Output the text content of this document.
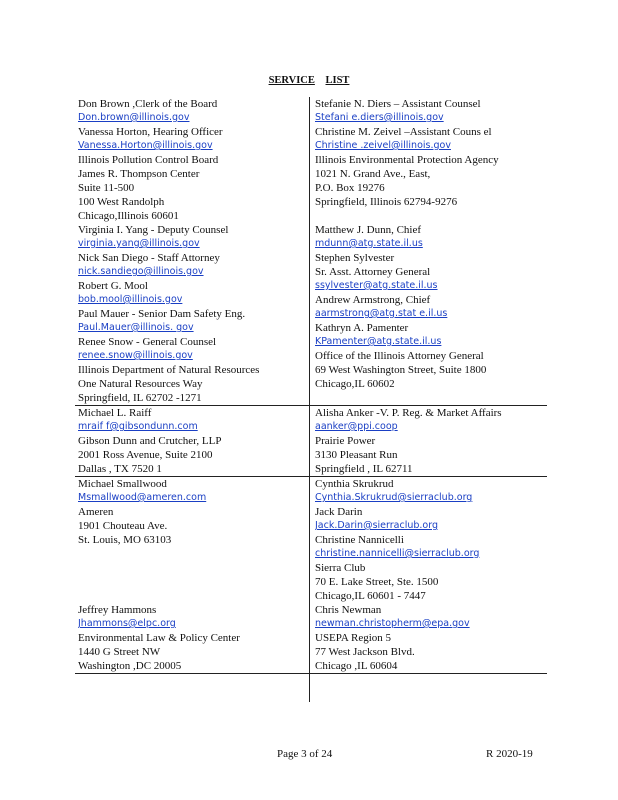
SERVICE LIST
Don Brown ,Clerk of the Board
Don.brown@illinois.gov
Vanessa Horton, Hearing Officer
Vanessa.Horton@illinois.gov
Illinois Pollution Control Board
James R. Thompson Center
Suite 11-500
100 West Randolph
Chicago,Illinois 60601
Virginia I. Yang - Deputy Counsel
virginia.yang@illinois.gov
Nick San Diego - Staff Attorney
nick.sandiego@illinois.gov
Robert G. Mool
bob.mool@illinois.gov
Paul Mauer - Senior Dam Safety Eng.
Paul.Mauer@illinois. gov
Renee Snow - General Counsel
renee.snow@illinois.gov
Illinois Department of Natural Resources
One Natural Resources Way
Springfield, IL 62702 -1271
Stefanie N. Diers – Assistant Counsel
Stefani e.diers@illinois.gov
Christine M. Zeivel –Assistant Couns el
Christine .zeivel@illinois.gov
Illinois Environmental Protection Agency
1021 N. Grand Ave., East,
P.O. Box 19276
Springfield, Illinois 62794-9276
Matthew J. Dunn, Chief
mdunn@atg.state.il.us
Stephen Sylvester
Sr. Asst. Attorney General
ssylvester@atg.state.il.us
Andrew Armstrong, Chief
aarmstrong@atg.stat e.il.us
Kathryn A. Pamenter
KPamenter@atg.state.il.us
Office of the Illinois Attorney General
69 West Washington Street, Suite 1800
Chicago,IL 60602
Michael L. Raiff
mraif f@gibsondunn.com
Gibson Dunn and Crutcher, LLP
2001 Ross Avenue, Suite 2100
Dallas , TX 7520 1
Alisha Anker -V. P. Reg. & Market Affairs
aanker@ppi.coop
Prairie Power
3130 Pleasant Run
Springfield , IL 62711
Michael Smallwood
Msmallwood@ameren.com
Ameren
1901 Chouteau Ave.
St. Louis, MO 63103
Jeffrey Hammons
Jhammons@elpc.org
Environmental Law & Policy Center
1440 G Street NW
Washington ,DC 20005
Cynthia Skrukrud
Cynthia.Skrukrud@sierraclub.org
Jack Darin
Jack.Darin@sierraclub.org
Christine Nannicelli
christine.nannicelli@sierraclub.org
Sierra Club
70 E. Lake Street, Ste. 1500
Chicago,IL 60601 - 7447
Chris Newman
newman.christopherm@epa.gov
USEPA Region 5
77 West Jackson Blvd.
Chicago ,IL 60604
Page 3 of 24	R 2020-19
